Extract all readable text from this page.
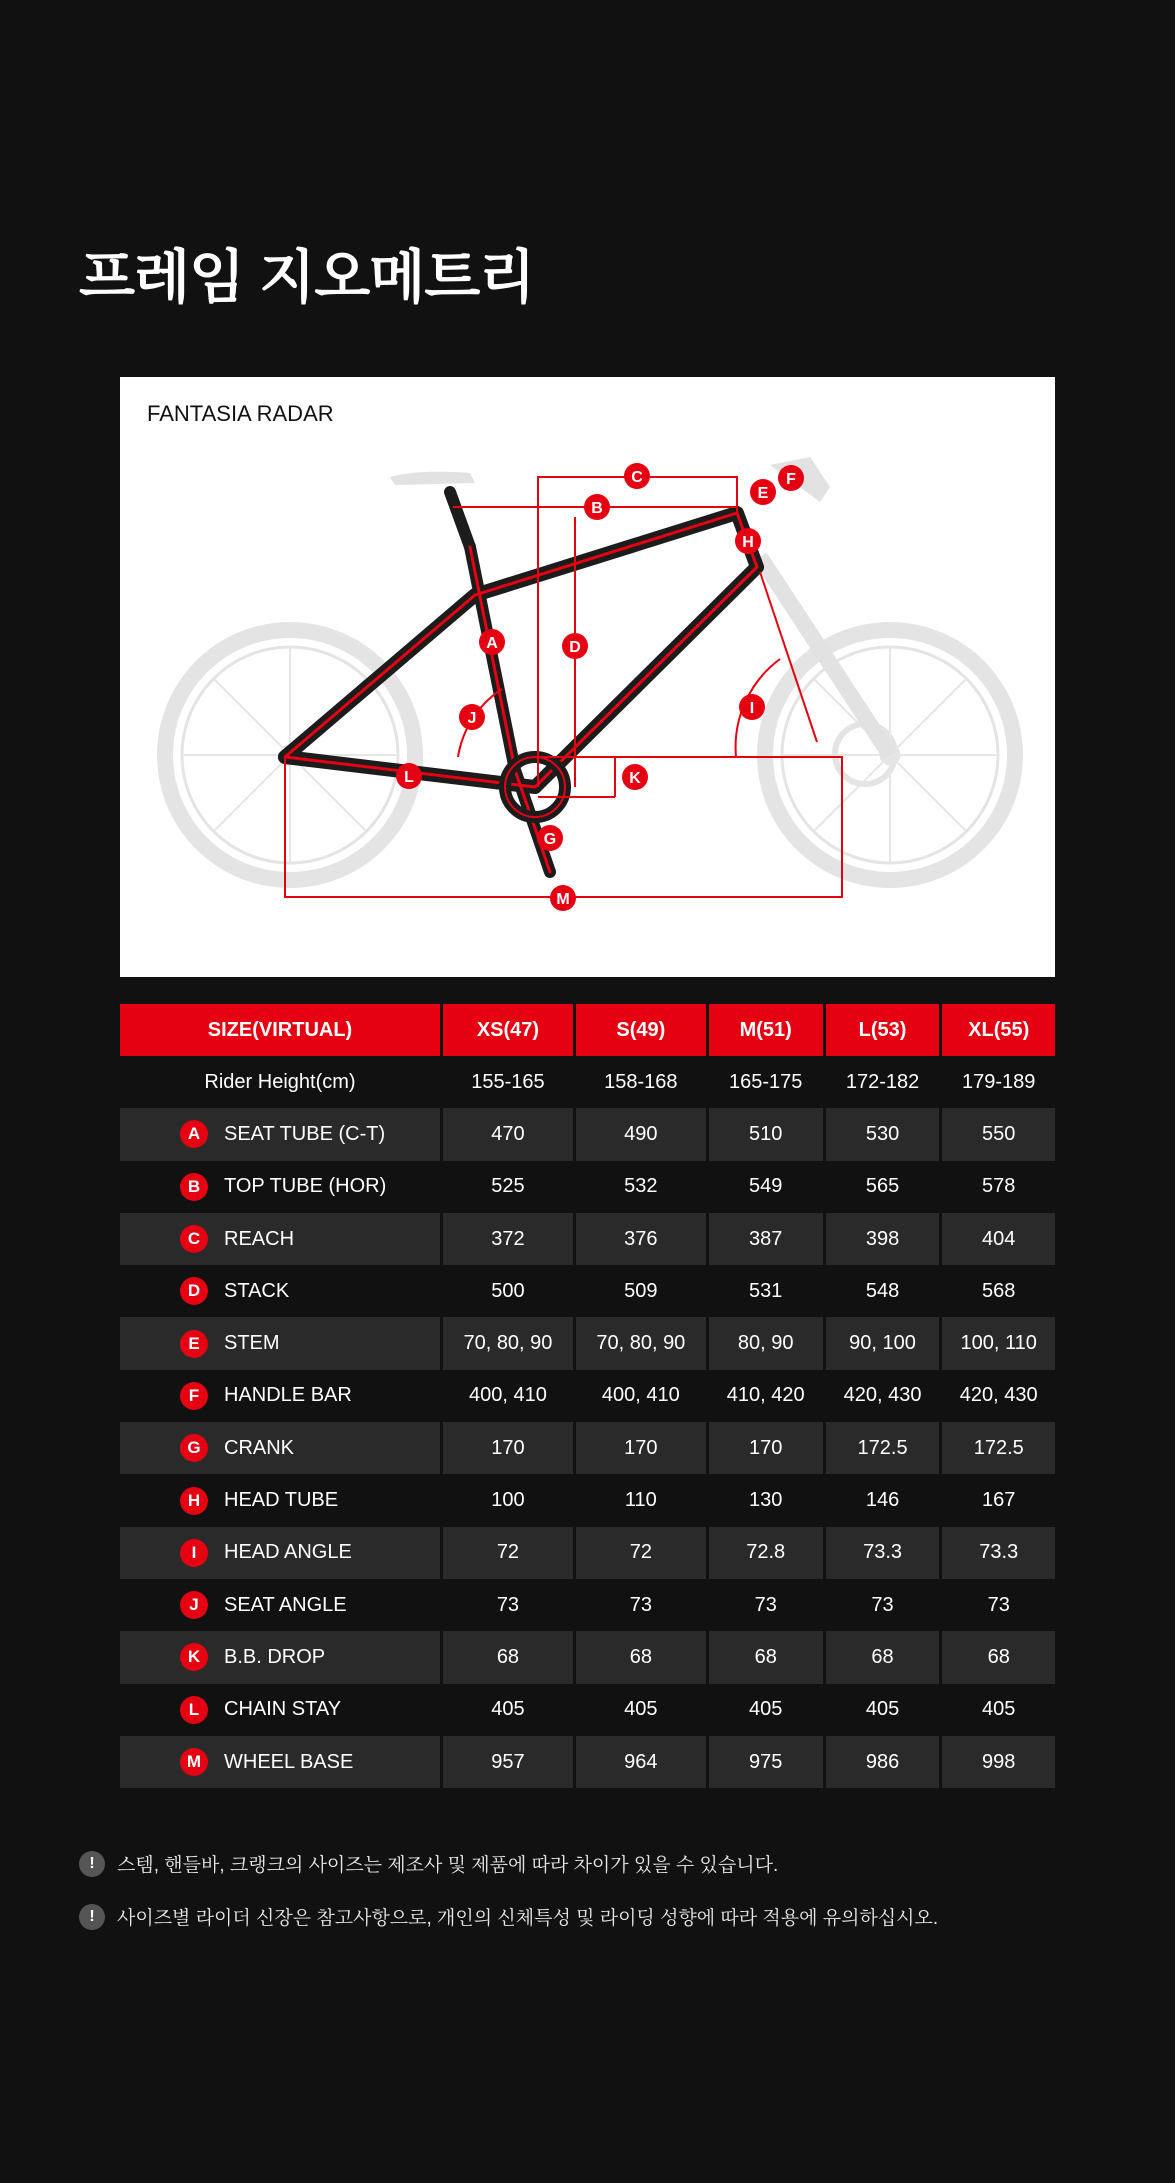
프레임 지오메트리

FANTASIA RADAR

C
B
E
F
H
A	D
J
I
L	K
G
M
SIZE(VIRTUAL)	XS(47)	S(49)	M(51)	L(53)	XL(55)
Rider Height(cm)	155-165	158-168	165-175	172-182	179-189

A SEAT TUBE (C-T)	470	490	510	530	550

B TOP TUBE (HOR)	525	532	549	565	578

C REACH	372	376	387	398	404

D STACK	500	509	531	548	568

E STEM	70, 80, 90	70, 80, 90	80, 90	90, 100	100, 110

F HANDLE BAR	400, 410	400, 410	410, 420	420, 430	420, 430

G CRANK	170	170	170	172.5	172.5

H HEAD TUBE	100	110	130	146	167

I HEAD ANGLE	72	72	72.8	73.3	73.3

J SEAT ANGLE	73	73	73	73	73

K B.B. DROP	68	68	68	68	68

L CHAIN STAY	405	405	405	405	405

M WHEEL BASE	957	964	975	986	998
!	스템, 핸들바, 크랭크의 사이즈는 제조사 및 제품에 따라 차이가 있을 수 있습니다.
!	사이즈별 라이더 신장은 참고사항으로, 개인의 신체특성 및 라이딩 성향에 따라 적용에 유의하십시오.
